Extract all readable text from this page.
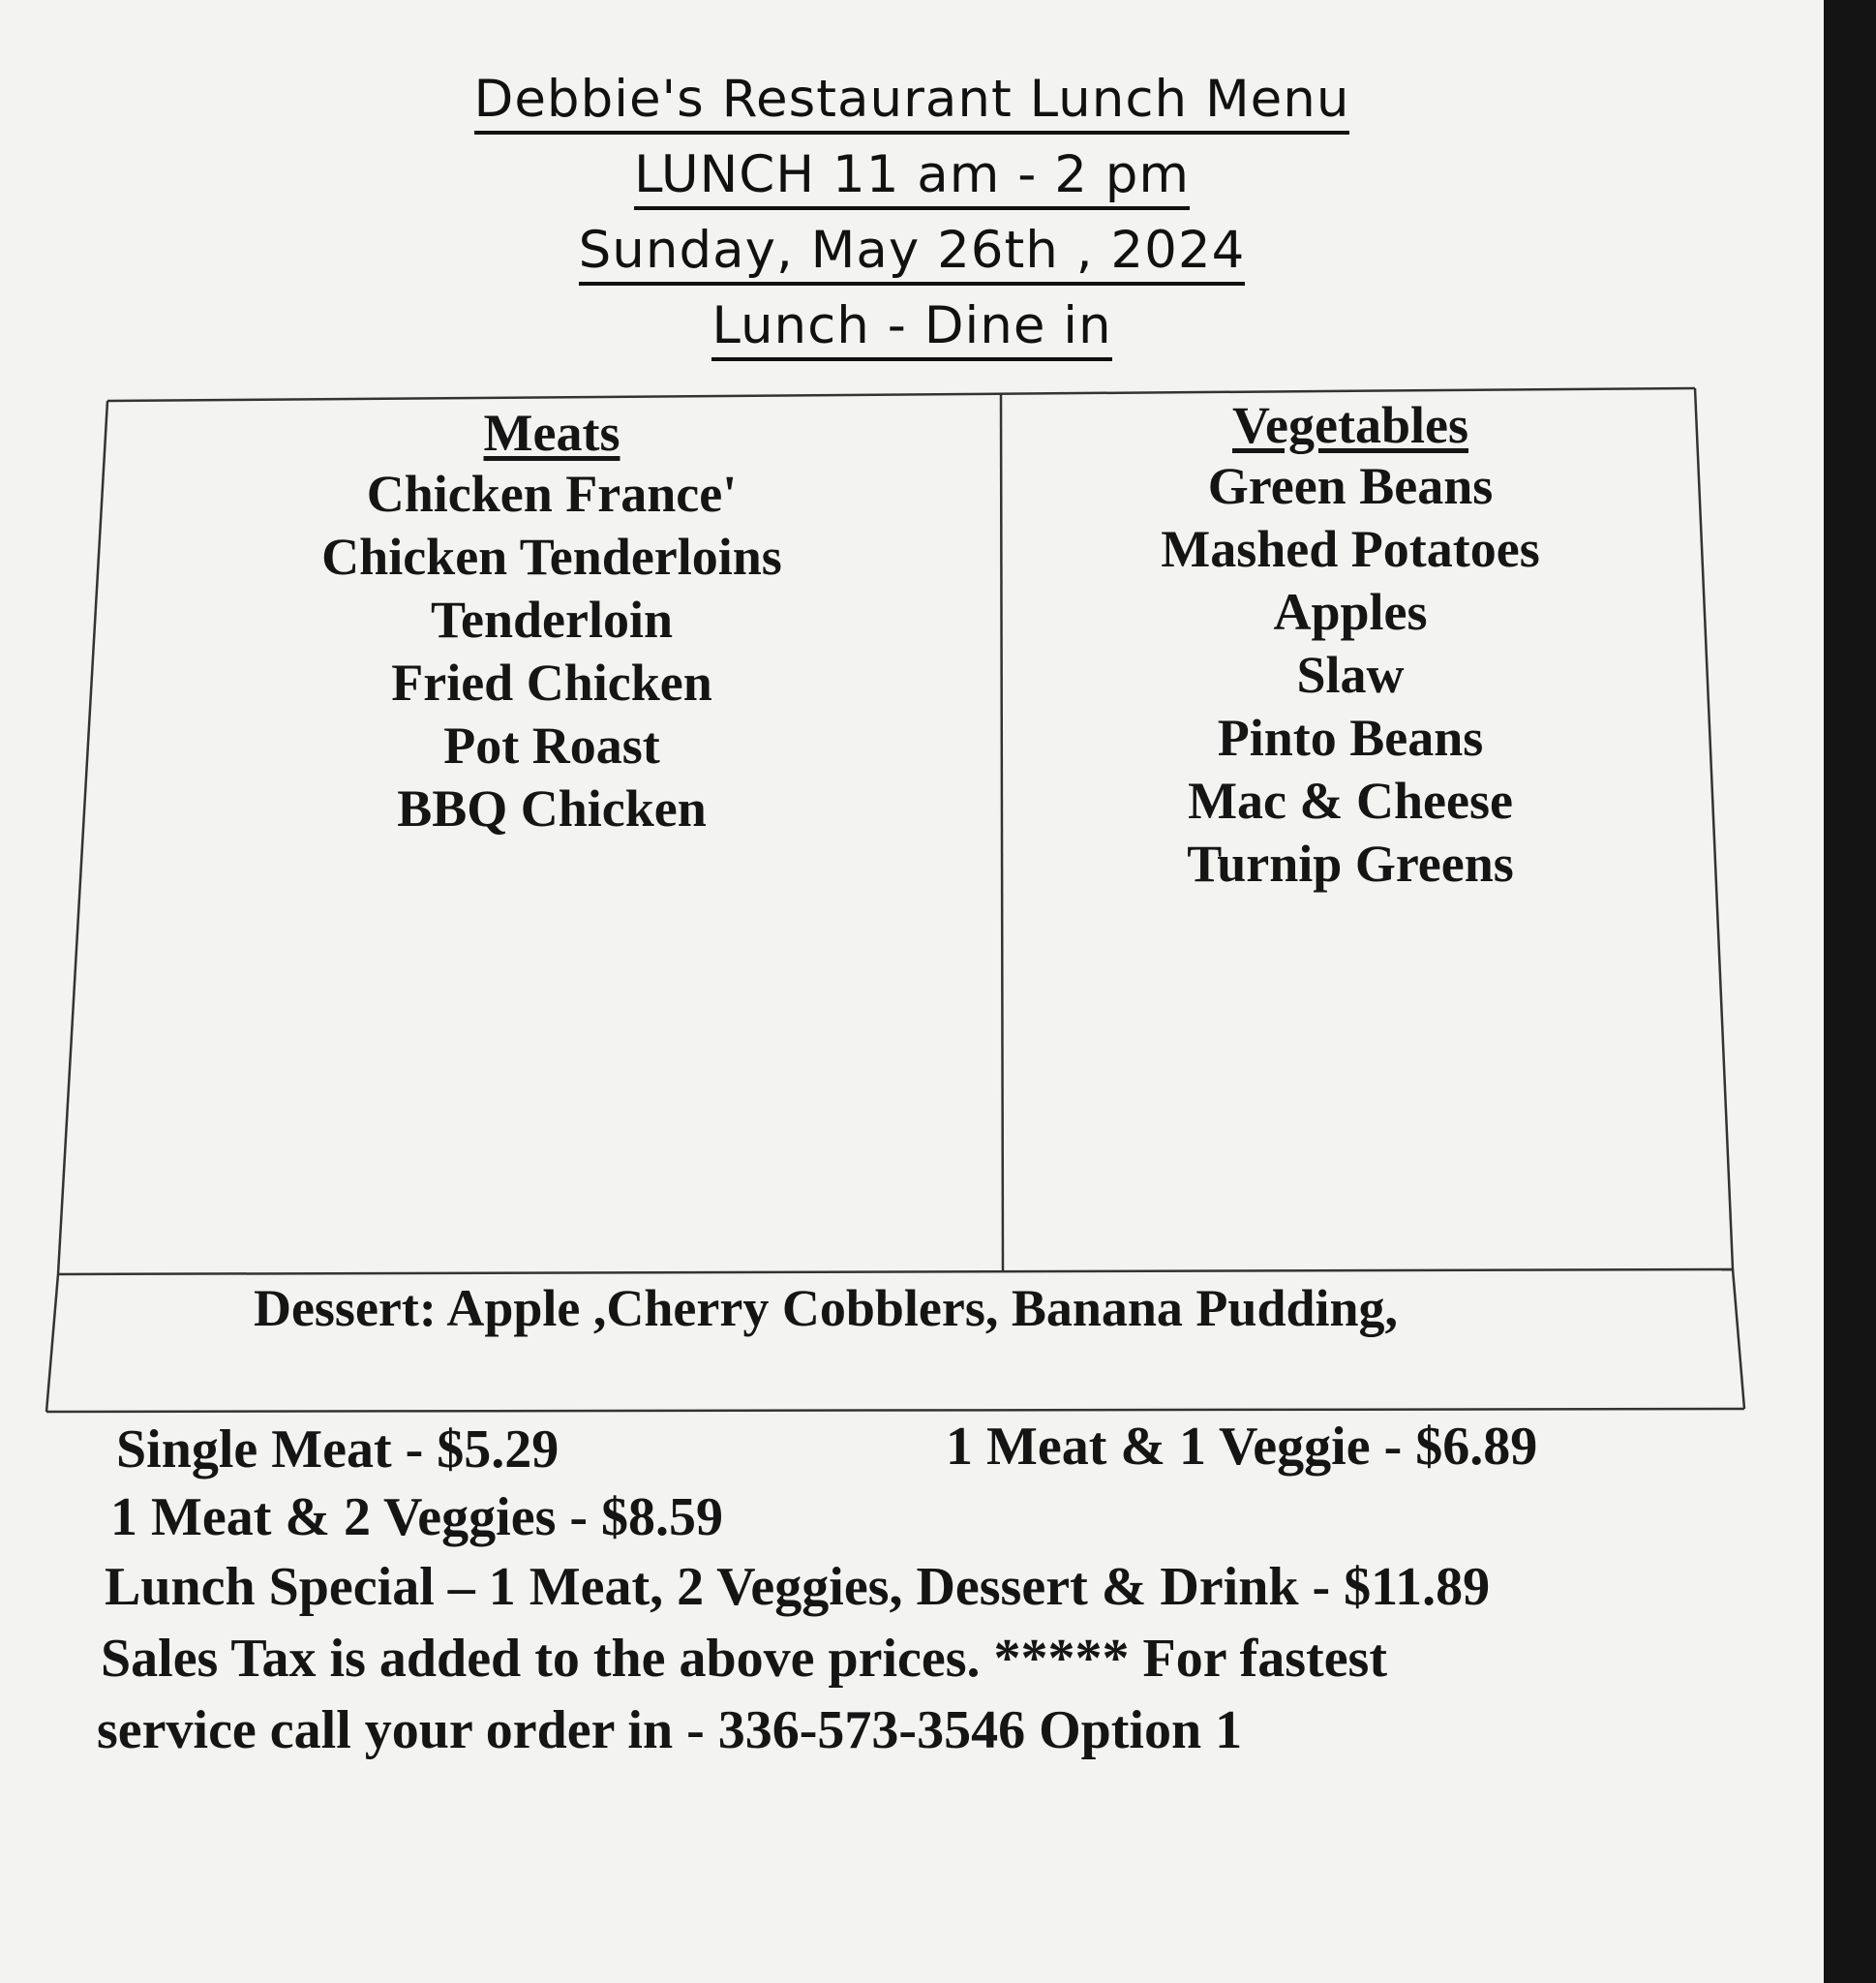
Debbie's Restaurant Lunch Menu
LUNCH 11 am - 2 pm
Sunday, May 26th , 2024
Lunch - Dine in
Meats
Chicken France'
Chicken Tenderloins
Tenderloin
Fried Chicken
Pot Roast
BBQ Chicken
Vegetables
Green Beans
Mashed Potatoes
Apples
Slaw
Pinto Beans
Mac & Cheese
Turnip Greens
Dessert: Apple ,Cherry Cobblers, Banana Pudding,
Single Meat - $5.29	1 Meat & 1 Veggie - $6.89
1 Meat & 2 Veggies - $8.59
Lunch Special – 1 Meat, 2 Veggies, Dessert & Drink - $11.89
Sales Tax is added to the above prices. ***** For fastest
service call your order in - 336-573-3546 Option 1
